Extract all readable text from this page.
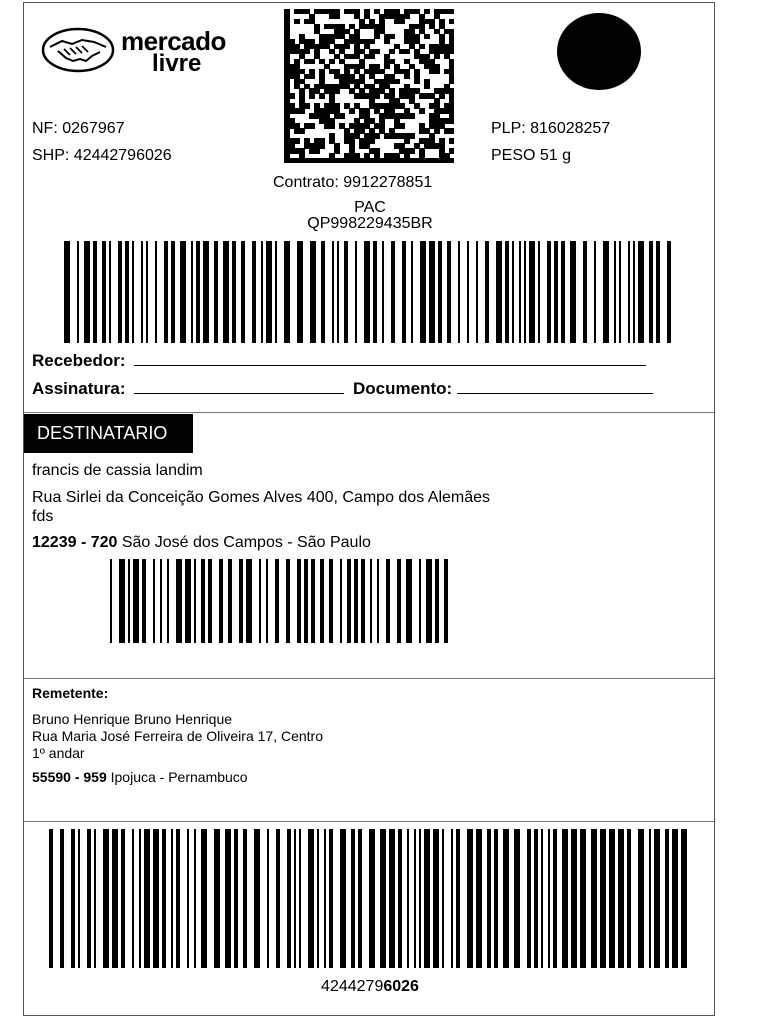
mercado
livre
NF: 0267967
SHP: 42442796026
PLP: 816028257
PESO 51 g
Contrato: 9912278851
PAC
QP998229435BR
Recebedor:
Assinatura:	Documento:
DESTINATARIO
francis de cassia landim
Rua Sirlei da Conceição Gomes Alves 400, Campo dos Alemães
fds
12239 - 720 São José dos Campos - São Paulo
Remetente:
Bruno Henrique Bruno Henrique
Rua Maria José Ferreira de Oliveira 17, Centro
1º andar
55590 - 959 Ipojuca - Pernambuco
42442796026
